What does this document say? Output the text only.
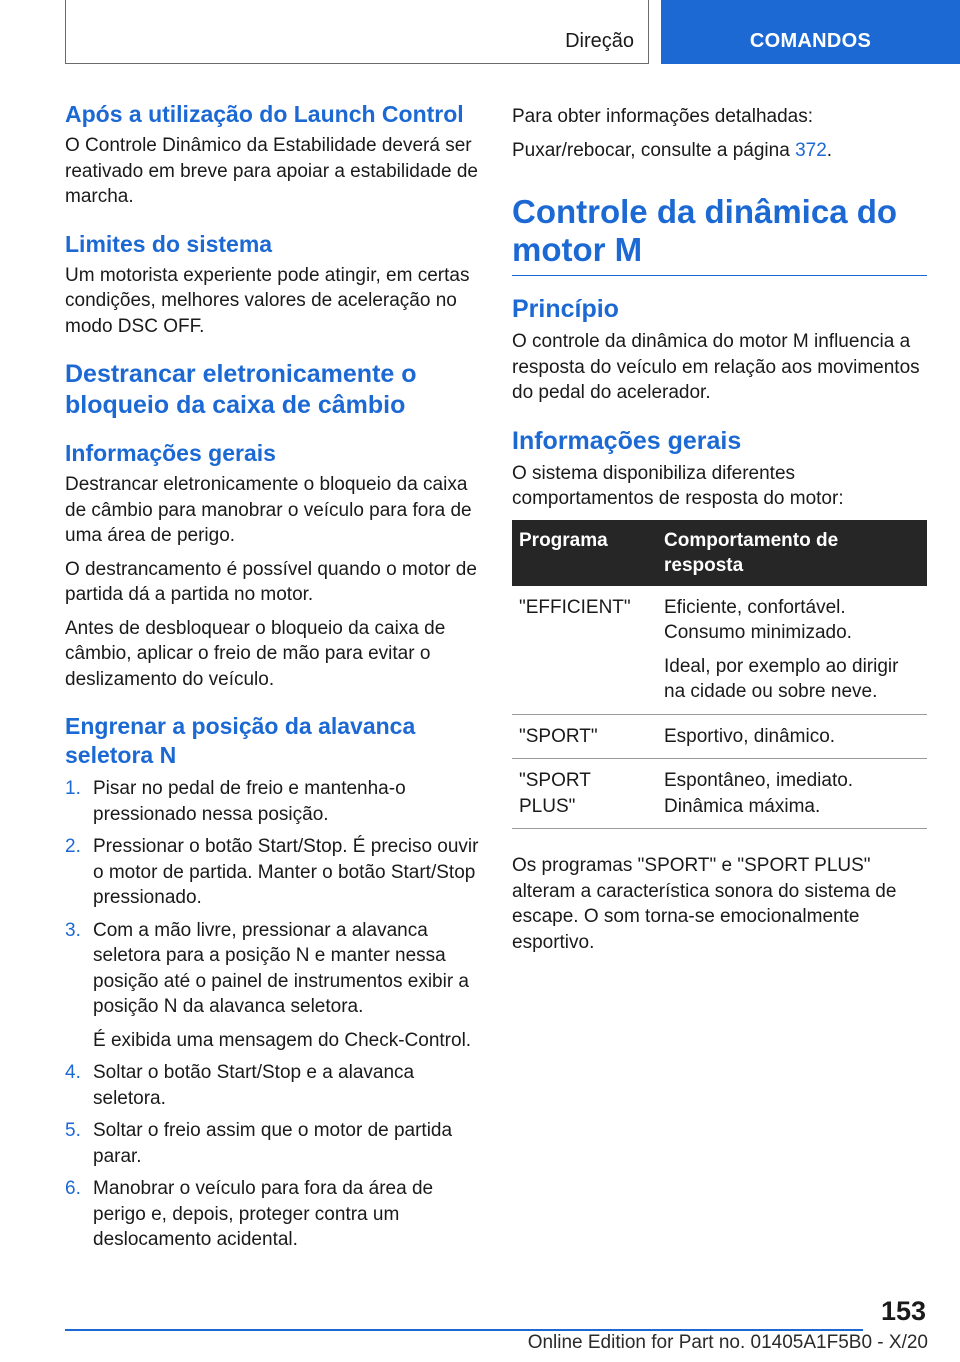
Direção	COMANDOS
Após a utilização do Launch Control

O Controle Dinâmico da Estabilidade deverá ser reativado em breve para apoiar a estabilidade de marcha.

Limites do sistema

Um motorista experiente pode atingir, em certas condições, melhores valores de aceleração no modo DSC OFF.

Destrancar eletronicamente o bloqueio da caixa de câmbio
Informações gerais

Destrancar eletronicamente o bloqueio da caixa de câmbio para manobrar o veículo para fora de uma área de perigo.

O destrancamento é possível quando o motor de partida dá a partida no motor.

Antes de desbloquear o bloqueio da caixa de câmbio, aplicar o freio de mão para evitar o deslizamento do veículo.

Engrenar a posição da alavanca seletora N
1. Pisar no pedal de freio e mantenha-o pressionado nessa posição.
2. Pressionar o botão Start/Stop. É preciso ouvir o motor de partida. Manter o botão Start/Stop pressionado.
3. Com a mão livre, pressionar a alavanca seletora para a posição N e manter nessa posição até o painel de instrumentos exibir a posição N da alavanca seletora.
É exibida uma mensagem do Check-Control.
4. Soltar o botão Start/Stop e a alavanca seletora.
5. Soltar o freio assim que o motor de partida parar.
6. Manobrar o veículo para fora da área de perigo e, depois, proteger contra um deslocamento acidental.

Para obter informações detalhadas:

Puxar/rebocar, consulte a página 372.

Controle da dinâmica do motor M
Princípio

O controle da dinâmica do motor M influencia a resposta do veículo em relação aos movimentos do pedal do acelerador.

Informações gerais

O sistema disponibiliza diferentes comportamentos de resposta do motor:

Programa	Comportamento de resposta
"EFFICIENT"	Eficiente, confortável. Consumo minimizado.
Ideal, por exemplo ao dirigir na cidade ou sobre neve.

"SPORT"	Esportivo, dinâmico.

"SPORT PLUS"	Espontâneo, imediato. Dinâmica máxima.

Os programas "SPORT" e "SPORT PLUS" alteram a característica sonora do sistema de escape. O som torna-se emocionalmente esportivo.

153
Online Edition for Part no. 01405A1F5B0 - X/20
